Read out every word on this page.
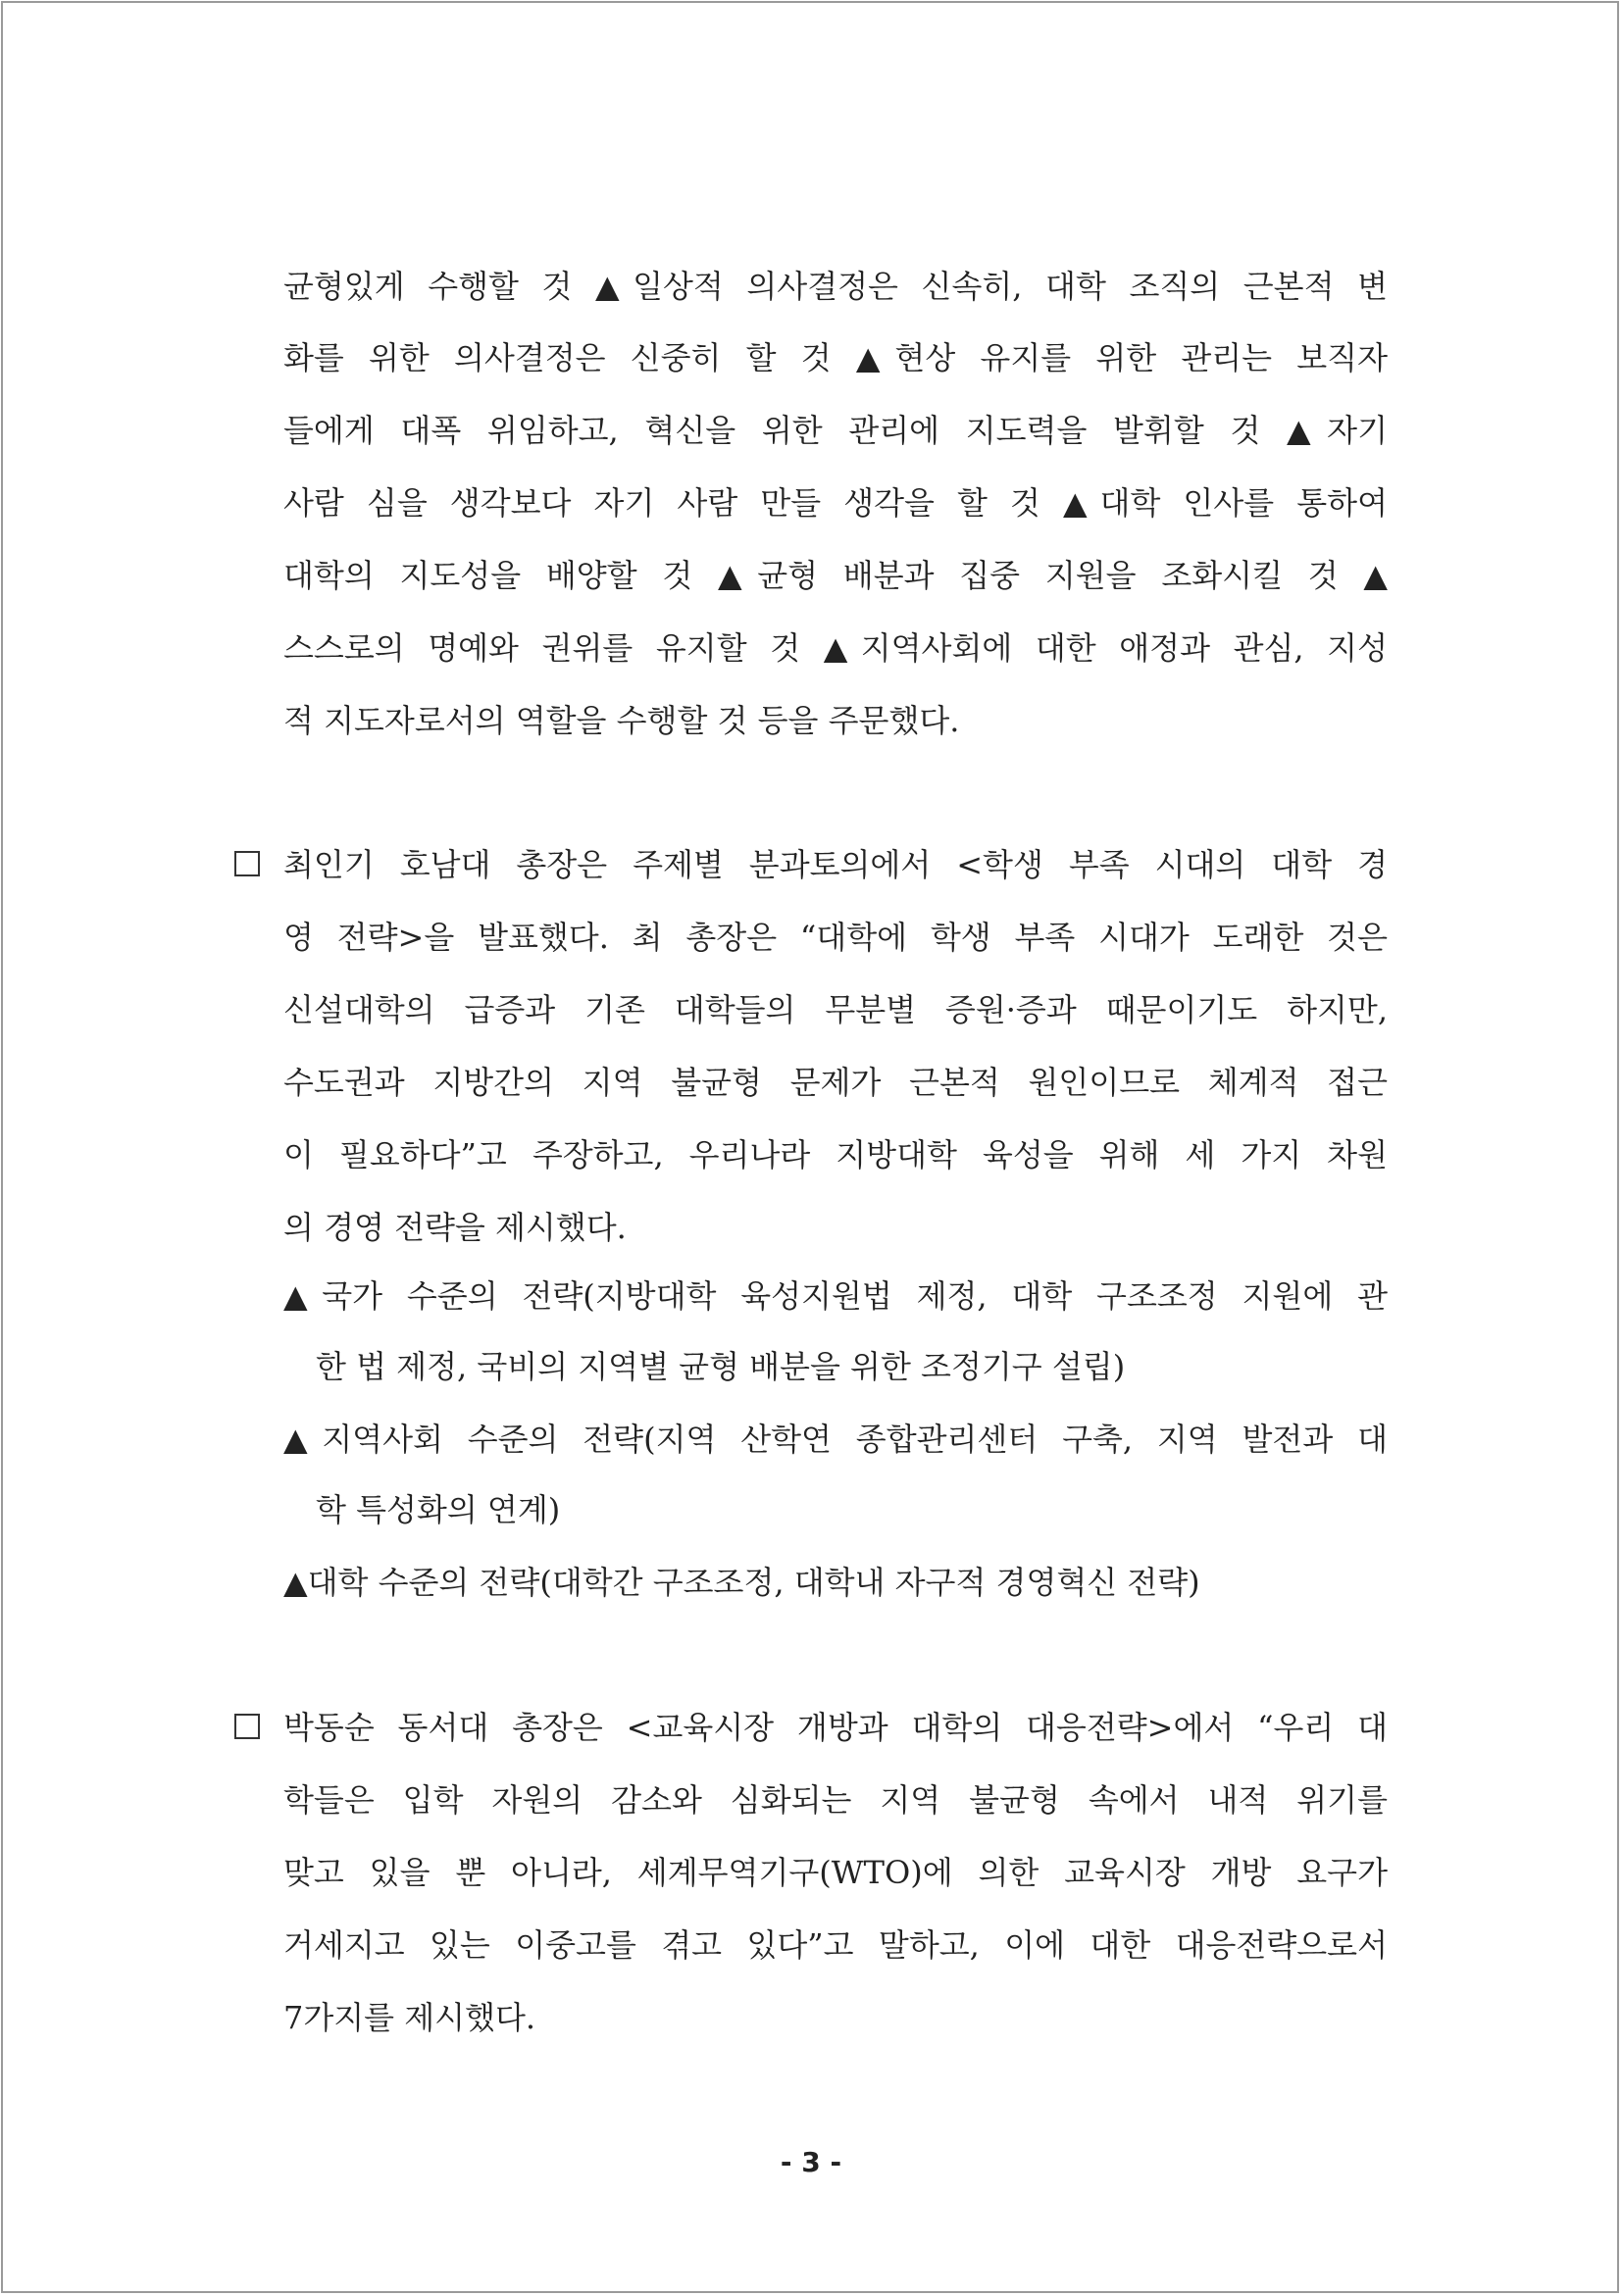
균형있게 수행할 것 ▲일상적 의사결정은 신속히, 대학 조직의 근본적 변
화를 위한 의사결정은 신중히 할 것 ▲현상 유지를 위한 관리는 보직자
들에게 대폭 위임하고, 혁신을 위한 관리에 지도력을 발휘할 것 ▲자기
사람 심을 생각보다 자기 사람 만들 생각을 할 것 ▲대학 인사를 통하여
대학의 지도성을 배양할 것 ▲균형 배분과 집중 지원을 조화시킬 것 ▲
스스로의 명예와 권위를 유지할 것 ▲지역사회에 대한 애정과 관심, 지성
적 지도자로서의 역할을 수행할 것 등을 주문했다.
최인기 호남대 총장은 주제별 분과토의에서 <학생 부족 시대의 대학 경
영 전략>을 발표했다. 최 총장은 “대학에 학생 부족 시대가 도래한 것은
신설대학의 급증과 기존 대학들의 무분별 증원·증과 때문이기도 하지만,
수도권과 지방간의 지역 불균형 문제가 근본적 원인이므로 체계적 접근
이 필요하다”고 주장하고, 우리나라 지방대학 육성을 위해 세 가지 차원
의 경영 전략을 제시했다.
▲국가 수준의 전략(지방대학 육성지원법 제정, 대학 구조조정 지원에 관
한 법 제정, 국비의 지역별 균형 배분을 위한 조정기구 설립)
▲지역사회 수준의 전략(지역 산학연 종합관리센터 구축, 지역 발전과 대
학 특성화의 연계)
▲대학 수준의 전략(대학간 구조조정, 대학내 자구적 경영혁신 전략)
박동순 동서대 총장은 <교육시장 개방과 대학의 대응전략>에서 “우리 대
학들은 입학 자원의 감소와 심화되는 지역 불균형 속에서 내적 위기를
맞고 있을 뿐 아니라, 세계무역기구(WTO)에 의한 교육시장 개방 요구가
거세지고 있는 이중고를 겪고 있다”고 말하고, 이에 대한 대응전략으로서
7가지를 제시했다.
- 3 -
